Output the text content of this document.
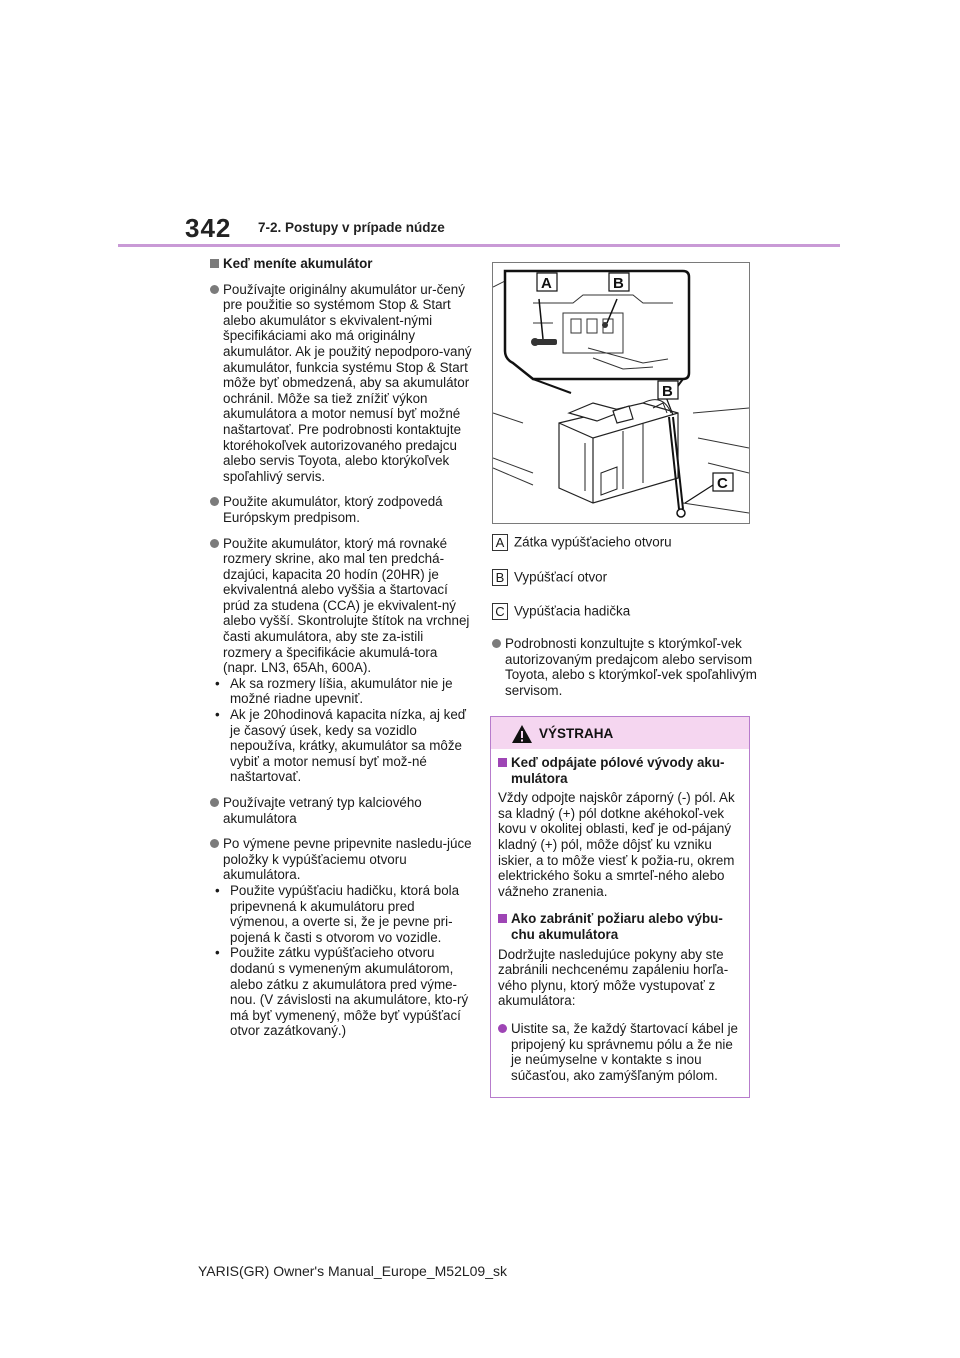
342 7-2. Postupy v prípade núdze
Keď meníte akumulátor
Používajte originálny akumulátor ur-čený pre použitie so systémom Stop & Start alebo akumulátor s ekvivalent-nými špecifikáciami ako má originálny akumulátor. Ak je použitý nepodporo-vaný akumulátor, funkcia systému Stop & Start môže byť obmedzená, aby sa akumulátor ochránil. Môže sa tiež znížiť výkon akumulátora a motor nemusí byť možné naštartovať. Pre podrobnosti kontaktujte ktoréhokoľvek autorizovaného predajcu alebo servis Toyota, alebo ktorýkoľvek spoľahlivý servis.
Použite akumulátor, ktorý zodpovedá Európskym predpisom.
Použite akumulátor, ktorý má rovnaké rozmery skrine, ako mal ten predchá-dzajúci, kapacita 20 hodín (20HR) je ekvivalentná alebo vyššia a štartovací prúd za studena (CCA) je ekvivalent-ný alebo vyšší. Skontrolujte štítok na vrchnej časti akumulátora, aby ste za-istili rozmery a špecifikácie akumulá-tora (napr. LN3, 65Ah, 600A).
• Ak sa rozmery líšia, akumulátor nie je možné riadne upevniť.
• Ak je 20hodinová kapacita nízka, aj keď je časový úsek, kedy sa vozidlo nepoužíva, krátky, akumulátor sa môže vybiť a motor nemusí byť mož-né naštartovať.
Používajte vetraný typ kalciového akumulátora
Po výmene pevne pripevnite nasledu-júce položky k vypúšťaciemu otvoru akumulátora.
• Použite vypúšťaciu hadičku, ktorá bola pripevnená k akumulátoru pred výmenou, a overte si, že je pevne pri-pojená k časti s otvorom vo vozidle.
• Použite zátku vypúšťacieho otvoru dodanú s vymeneným akumulátorom, alebo zátku z akumulátora pred výme-nou. (V závislosti na akumulátore, kto-rý má byť vymenený, môže byť vypúšťací otvor zazátkovaný.)
A	B
B
C
A Zátka vypúšťacieho otvoru
B Vypúšťací otvor
C Vypúšťacia hadička
Podrobnosti konzultujte s ktorýmkoľ-vek autorizovaným predajcom alebo servisom Toyota, alebo s ktorýmkoľ-vek spoľahlivým servisom.
VÝSTRAHA
Keď odpájate pólové vývody aku-mulátora
Vždy odpojte najskôr záporný (-) pól. Ak sa kladný (+) pól dotkne akéhokoľ-vek kovu v okolitej oblasti, keď je od-pájaný kladný (+) pól, môže dôjsť ku vzniku iskier, a to môže viesť k požia-ru, okrem elektrického šoku a smrteľ-ného alebo vážneho zranenia.
Ako zabrániť požiaru alebo výbu-chu akumulátora
Dodržujte nasledujúce pokyny aby ste zabránili nechcenému zapáleniu horľa-vého plynu, ktorý môže vystupovať z akumulátora:
Uistite sa, že každý štartovací kábel je pripojený ku správnemu pólu a že nie je neúmyselne v kontakte s inou súčasťou, ako zamýšľaným pólom.
YARIS(GR) Owner's Manual_Europe_M52L09_sk
